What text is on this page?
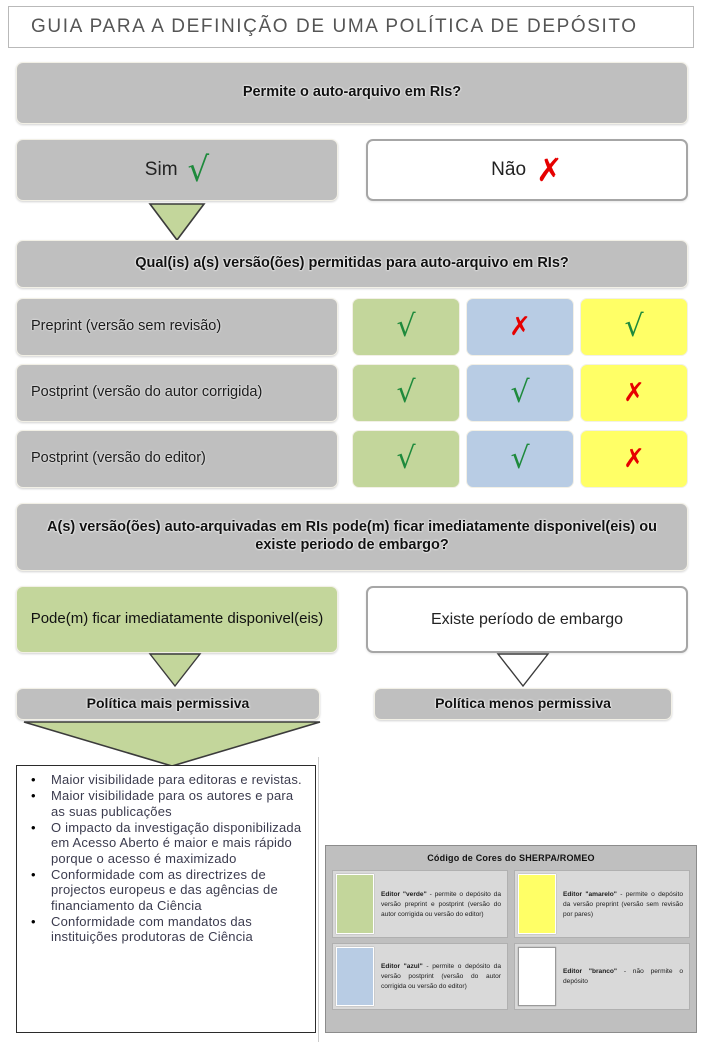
GUIA PARA A DEFINIÇÃO DE UMA POLÍTICA DE DEPÓSITO
Permite o auto-arquivo em RIs?
Sim √	Não ✗
Qual(is) a(s) versão(ões) permitidas para auto-arquivo em RIs?
Preprint (versão sem revisão)	√	✗	√
Postprint (versão do autor corrigida)	√	√	✗
Postprint (versão do editor)	√	√	✗
A(s) versão(ões) auto-arquivadas em RIs pode(m) ficar imediatamente disponivel(eis) ou existe periodo de embargo?
Pode(m) ficar imediatamente disponivel(eis)	Existe período de embargo
Política mais permissiva	Política menos permissiva
• Maior visibilidade para editoras e revistas.
• Maior visibilidade para os autores e para as suas publicações
• O impacto da investigação disponibilizada em Acesso Aberto é maior e mais rápido porque o acesso é maximizado
• Conformidade com as directrizes de projectos europeus e das agências de financiamento da Ciência
• Conformidade com mandatos das instituições produtoras de Ciência
Código de Cores do SHERPA/ROMEO
Editor "verde" - permite o depósito da versão preprint e postprint (versão do autor corrigida ou versão do editor)
Editor "amarelo" - permite o depósito da versão preprint (versão sem revisão por pares)
Editor "azul" - permite o depósito da versão postprint (versão do autor corrigida ou versão do editor)
Editor "branco" - não permite o depósito
